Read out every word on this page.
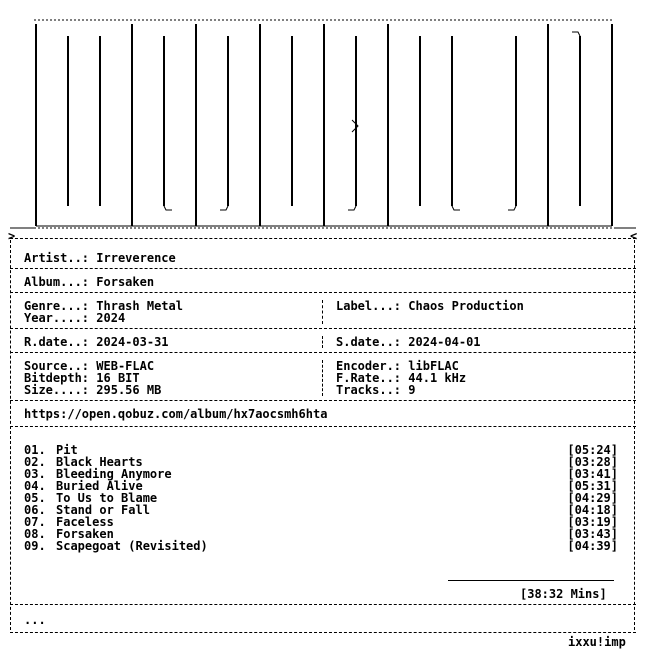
>	<
Artist..: Irreverence
Album...: Forsaken
Genre...: Thrash Metal
Year....: 2024
Label...: Chaos Production
R.date..: 2024-03-31	S.date..: 2024-04-01
Source..: WEB-FLAC
Bitdepth: 16 BIT
Size....: 295.56 MB
Encoder.: libFLAC
F.Rate..: 44.1 kHz
Tracks..: 9
https://open.qobuz.com/album/hx7aocsmh6hta
01. Pit	[05:24]
02. Black Hearts	[03:28]
03. Bleeding Anymore	[03:41]
04. Buried Alive	[05:31]
05. To Us to Blame	[04:29]
06. Stand or Fall	[04:18]
07. Faceless	[03:19]
08. Forsaken	[03:43]
09. Scapegoat (Revisited)	[04:39]
[38:32 Mins]
...
ixxu!imp
